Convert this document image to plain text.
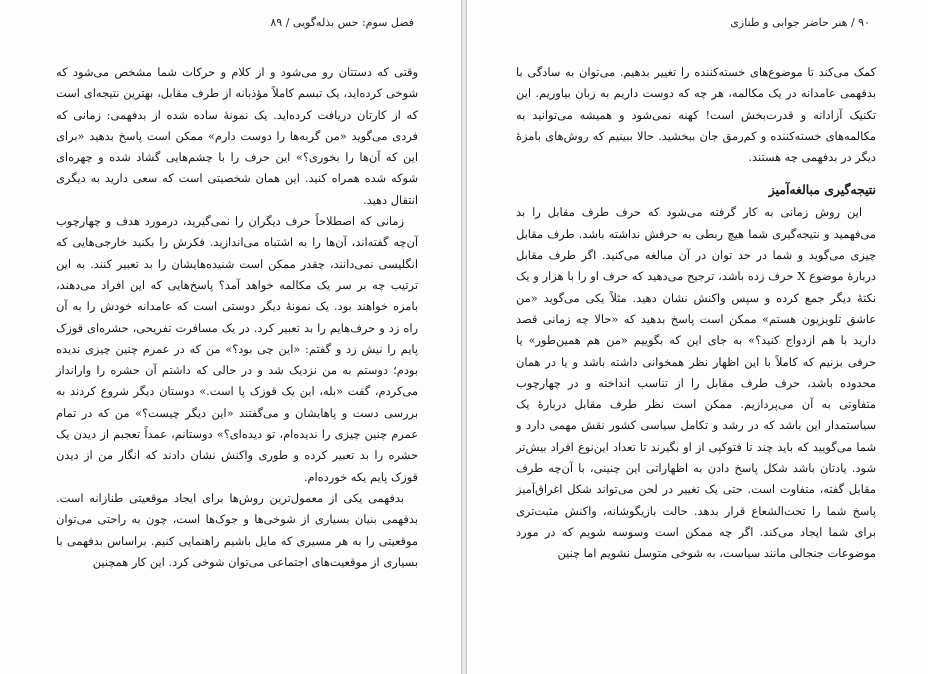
فصل سوم: حس بذله‌گویی / ۸۹

وقتی که دستتان رو می‌شود و از کلام و حرکات شما مشخص می‌شود که شوخی کرده‌اید، یک تبسم کاملاً مؤذبانه از طرف مقابل، بهترین نتیجه‌ای است که از کارتان دریافت کرده‌اید. یک نمونهٔ ساده شده از بدفهمی: زمانی که فردی می‌گوید «من گربه‌ها را دوست دارم» ممکن است پاسخ بدهید «برای این که آن‌ها را بخوری؟» این حرف را با چشم‌هایی گشاد شده و چهره‌ای شوکه شده همراه کنید. این همان شخصیتی است که سعی دارید به دیگری انتقال دهید.

زمانی که اصطلاحاً حرف دیگران را نمی‌گیرید، درمورد هدف و چهارچوب آن‌چه گفته‌اند، آن‌ها را به اشتباه می‌اندازید. فکرش را بکنید خارجی‌هایی که انگلیسی نمی‌دانند، چقدر ممکن است شنیده‌هایشان را بد تعبیر کنند. به این ترتیب چه بر سر یک مکالمه خواهد آمد؟ پاسخ‌هایی که این افراد می‌دهند، بامزه خواهند بود. یک نمونهٔ دیگر دوستی است که عامدانه خودش را به آن راه زد و حرف‌هایم را بد تعبیر کرد. در یک مسافرت تفریحی، حشره‌ای قوزک پایم را نیش زد و گفتم: «این چی بود؟» من که در عمرم چنین چیزی ندیده بودم؛ دوستم به من نزدیک شد و در حالی که داشتم آن حشره را وارانداز می‌کردم، گفت «بله، این یک قوزک پا است.» دوستان دیگر شروع کردند به بررسی دست و پاهایشان و می‌گفتند «این دیگر چیست؟» من که در تمام عمرم چنین چیزی را ندیده‌ام، تو دیده‌ای؟» دوستانم، عمداً تعجبم از دیدن یک حشره را بد تعبیر کرده و طوری واکنش نشان دادند که انگار من از دیدن قوزک پایم یکه خورده‌ام.

بدفهمی یکی از معمول‌ترین روش‌ها برای ایجاد موقعیتی طنازانه است. بدفهمی بنیان بسیاری از شوخی‌ها و جوک‌ها است، چون به راحتی می‌توان موقعیتی را به هر مسیری که مایل باشیم راهنمایی کنیم. براساس بدفهمی با بسیاری از موقعیت‌های اجتماعی می‌توان شوخی کرد. این کار همچنین

۹۰ / هنر حاضر جوابی و طنازی

کمک می‌کند تا موضوع‌های خسته‌کننده را تغییر بدهیم. می‌توان به سادگی با بدفهمی عامدانه در یک مکالمه، هر چه که دوست داریم به زبان بیاوریم. این تکنیک آزادانه و قدرت‌بخش است! کهنه نمی‌شود و همیشه می‌توانید به مکالمه‌های خسته‌کننده و کم‌رمق جان ببخشید. حالا ببینیم که روش‌های بامزهٔ دیگر در بدفهمی چه هستند.

نتیجه‌گیری مبالغه‌آمیز

این روش زمانی به کار گرفته می‌شود که حرف طرف مقابل را بد می‌فهمید و نتیجه‌گیری شما هیچ ربطی به حرفش نداشته باشد. طرف مقابل چیزی می‌گوید و شما در حد توان در آن مبالغه می‌کنید. اگر طرف مقابل دربارهٔ موضوع X حرف زده باشد، ترجیح می‌دهید که حرف او را با هزار و یک نکتهٔ دیگر جمع کرده و سپس واکنش نشان دهید. مثلاً یکی می‌گوید «من عاشق تلویزیون هستم» ممکن است پاسخ بدهید که «حالا چه زمانی قصد دارید با هم ازدواج کنید؟» به جای این که بگوییم «من هم همین‌طور» یا حرفی بزنیم که کاملاً با این اظهار نظر همخوانی داشته باشد و یا در همان محدوده باشد، حرف طرف مقابل را از تناسب انداخته و در چهارچوب متفاوتی به آن می‌پردازیم. ممکن است نظر طرف مقابل دربارهٔ یک سیاستمدار این باشد که در رشد و تکامل سیاسی کشور نقش مهمی دارد و شما می‌گویید که باید چند تا فتوکپی از او بگیرند تا تعداد این‌نوع افراد بیش‌تر شود. یادتان باشد شکل پاسخ دادن به اظهاراتی این چنینی، با آن‌چه طرف مقابل گفته، متفاوت است. حتی یک تغییر در لحن می‌تواند شکل اغراق‌آمیز پاسخ شما را تحت‌الشعاع قرار بدهد. حالت بازیگوشانه، واکنش مثبت‌تری برای شما ایجاد می‌کند. اگر چه ممکن است وسوسه شویم که در مورد موضوعات جنجالی مانند سیاست، به شوخی متوسل نشویم اما چنین
